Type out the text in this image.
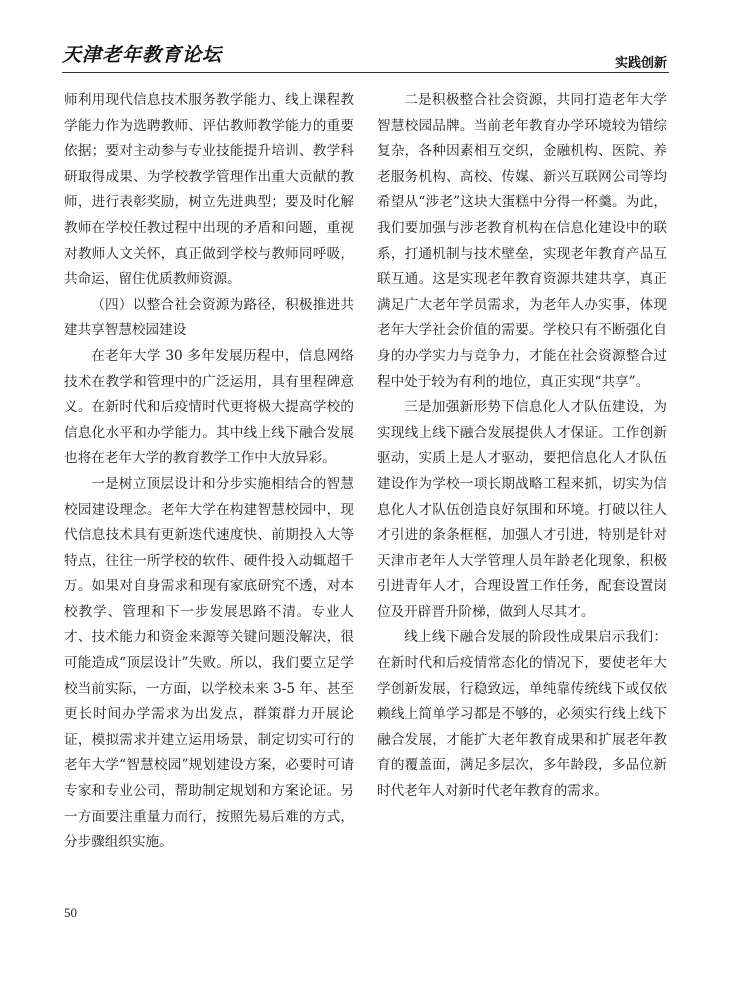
天津老年教育论坛	实践创新

师利用现代信息技术服务教学能力、线上课程教学能力作为选聘教师、评估教师教学能力的重要依据；要对主动参与专业技能提升培训、教学科研取得成果、为学校教学管理作出重大贡献的教师，进行表彰奖励，树立先进典型；要及时化解教师在学校任教过程中出现的矛盾和问题，重视对教师人文关怀，真正做到学校与教师同呼吸，共命运，留住优质教师资源。

（四）以整合社会资源为路径，积极推进共建共享智慧校园建设

在老年大学 30 多年发展历程中，信息网络技术在教学和管理中的广泛运用，具有里程碑意义。在新时代和后疫情时代更将极大提高学校的信息化水平和办学能力。其中线上线下融合发展也将在老年大学的教育教学工作中大放异彩。

一是树立顶层设计和分步实施相结合的智慧校园建设理念。老年大学在构建智慧校园中，现代信息技术具有更新迭代速度快、前期投入大等特点，往往一所学校的软件、硬件投入动辄超千万。如果对自身需求和现有家底研究不透，对本校教学、管理和下一步发展思路不清。专业人才、技术能力和资金来源等关键问题没解决，很可能造成“顶层设计”失败。所以，我们要立足学校当前实际，一方面，以学校未来 3-5 年、甚至更长时间办学需求为出发点，群策群力开展论证，模拟需求并建立运用场景，制定切实可行的老年大学“智慧校园”规划建设方案，必要时可请专家和专业公司，帮助制定规划和方案论证。另一方面要注重量力而行，按照先易后难的方式，分步骤组织实施。

二是积极整合社会资源，共同打造老年大学智慧校园品牌。当前老年教育办学环境较为错综复杂，各种因素相互交织，金融机构、医院、养老服务机构、高校、传媒、新兴互联网公司等均希望从“涉老”这块大蛋糕中分得一杯羹。为此，我们要加强与涉老教育机构在信息化建设中的联系，打通机制与技术壁垒，实现老年教育产品互联互通。这是实现老年教育资源共建共享，真正满足广大老年学员需求，为老年人办实事，体现老年大学社会价值的需要。学校只有不断强化自身的办学实力与竞争力，才能在社会资源整合过程中处于较为有利的地位，真正实现“共享”。

三是加强新形势下信息化人才队伍建设，为实现线上线下融合发展提供人才保证。工作创新驱动，实质上是人才驱动，要把信息化人才队伍建设作为学校一项长期战略工程来抓，切实为信息化人才队伍创造良好氛围和环境。打破以往人才引进的条条框框，加强人才引进，特别是针对天津市老年人大学管理人员年龄老化现象，积极引进青年人才，合理设置工作任务，配套设置岗位及开辟晋升阶梯，做到人尽其才。

线上线下融合发展的阶段性成果启示我们：在新时代和后疫情常态化的情况下，要使老年大学创新发展，行稳致远，单纯靠传统线下或仅依赖线上简单学习都是不够的，必须实行线上线下融合发展，才能扩大老年教育成果和扩展老年教育的覆盖面，满足多层次，多年龄段，多品位新时代老年人对新时代老年教育的需求。

50
